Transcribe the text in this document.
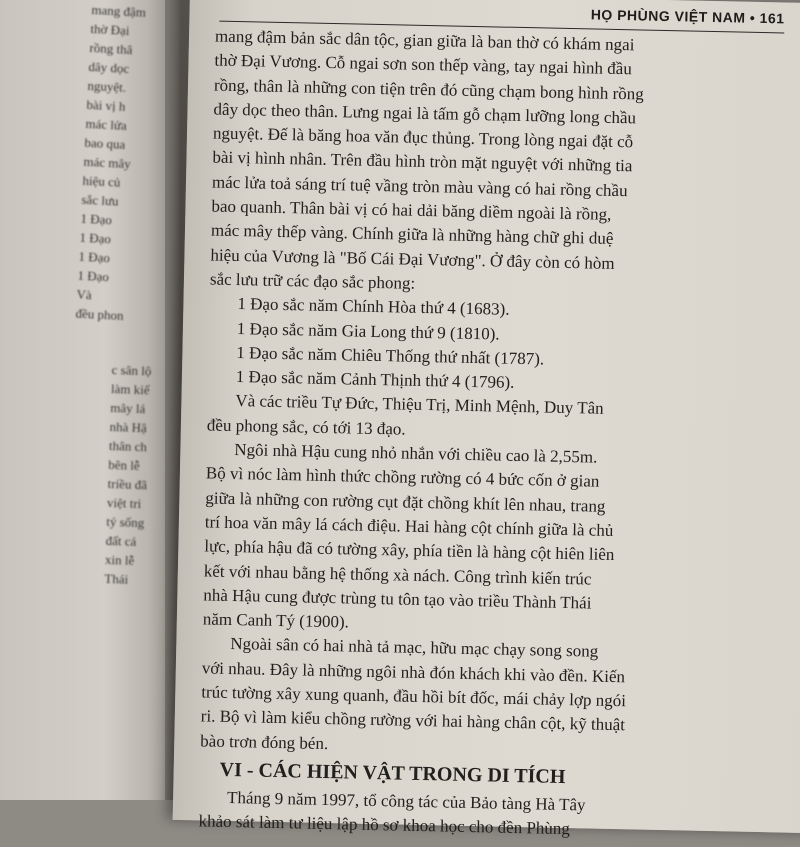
mang đậm
thờ Đại
rồng thâ
dây dọc
nguyệt.
bài vị h
mác lửa
bao qua
mác mây
hiệu củ
sắc lưu
1 Đạo
1 Đạo
1 Đạo
1 Đạo
Và
đều phon
c sân lộ
làm kiể
mây lá
nhà Hậ
thân ch
bên lễ
triều đã
việt tri
tý sống
đất cá
xin lễ
Thái
HỌ PHÙNG VIỆT NAM • 161
mang đậm bản sắc dân tộc, gian giữa là ban thờ có khám ngai
thờ Đại Vương. Cỗ ngai sơn son thếp vàng, tay ngai hình đầu
rồng, thân là những con tiện trên đó cũng chạm bong hình rồng
dây dọc theo thân. Lưng ngai là tấm gỗ chạm lưỡng long chầu
nguyệt. Đế là băng hoa văn đục thủng. Trong lòng ngai đặt cỗ
bài vị hình nhân. Trên đầu hình tròn mặt nguyệt với những tia
mác lửa toả sáng trí tuệ vầng tròn màu vàng có hai rồng chầu
bao quanh. Thân bài vị có hai dải băng diềm ngoài là rồng,
mác mây thếp vàng. Chính giữa là những hàng chữ ghi duệ
hiệu của Vương là "Bố Cái Đại Vương". Ở đây còn có hòm
sắc lưu trữ các đạo sắc phong:
1 Đạo sắc năm Chính Hòa thứ 4 (1683).
1 Đạo sắc năm Gia Long thứ 9 (1810).
1 Đạo sắc năm Chiêu Thống thứ nhất (1787).
1 Đạo sắc năm Cảnh Thịnh thứ 4 (1796).
Và các triều Tự Đức, Thiệu Trị, Minh Mệnh, Duy Tân
đều phong sắc, có tới 13 đạo.
Ngôi nhà Hậu cung nhỏ nhắn với chiều cao là 2,55m.
Bộ vì nóc làm hình thức chồng rường có 4 bức cốn ở gian
giữa là những con rường cụt đặt chồng khít lên nhau, trang
trí hoa văn mây lá cách điệu. Hai hàng cột chính giữa là chủ
lực, phía hậu đã có tường xây, phía tiền là hàng cột hiên liên
kết với nhau bằng hệ thống xà nách. Công trình kiến trúc
nhà Hậu cung được trùng tu tôn tạo vào triều Thành Thái
năm Canh Tý (1900).
Ngoài sân có hai nhà tả mạc, hữu mạc chạy song song
với nhau. Đây là những ngôi nhà đón khách khi vào đền. Kiến
trúc tường xây xung quanh, đầu hồi bít đốc, mái chảy lợp ngói
ri. Bộ vì làm kiểu chồng rường với hai hàng chân cột, kỹ thuật
bào trơn đóng bén.
VI - CÁC HIỆN VẬT TRONG DI TÍCH
Tháng 9 năm 1997, tổ công tác của Bảo tàng Hà Tây
khảo sát làm tư liệu lập hồ sơ khoa học cho đền Phùng
